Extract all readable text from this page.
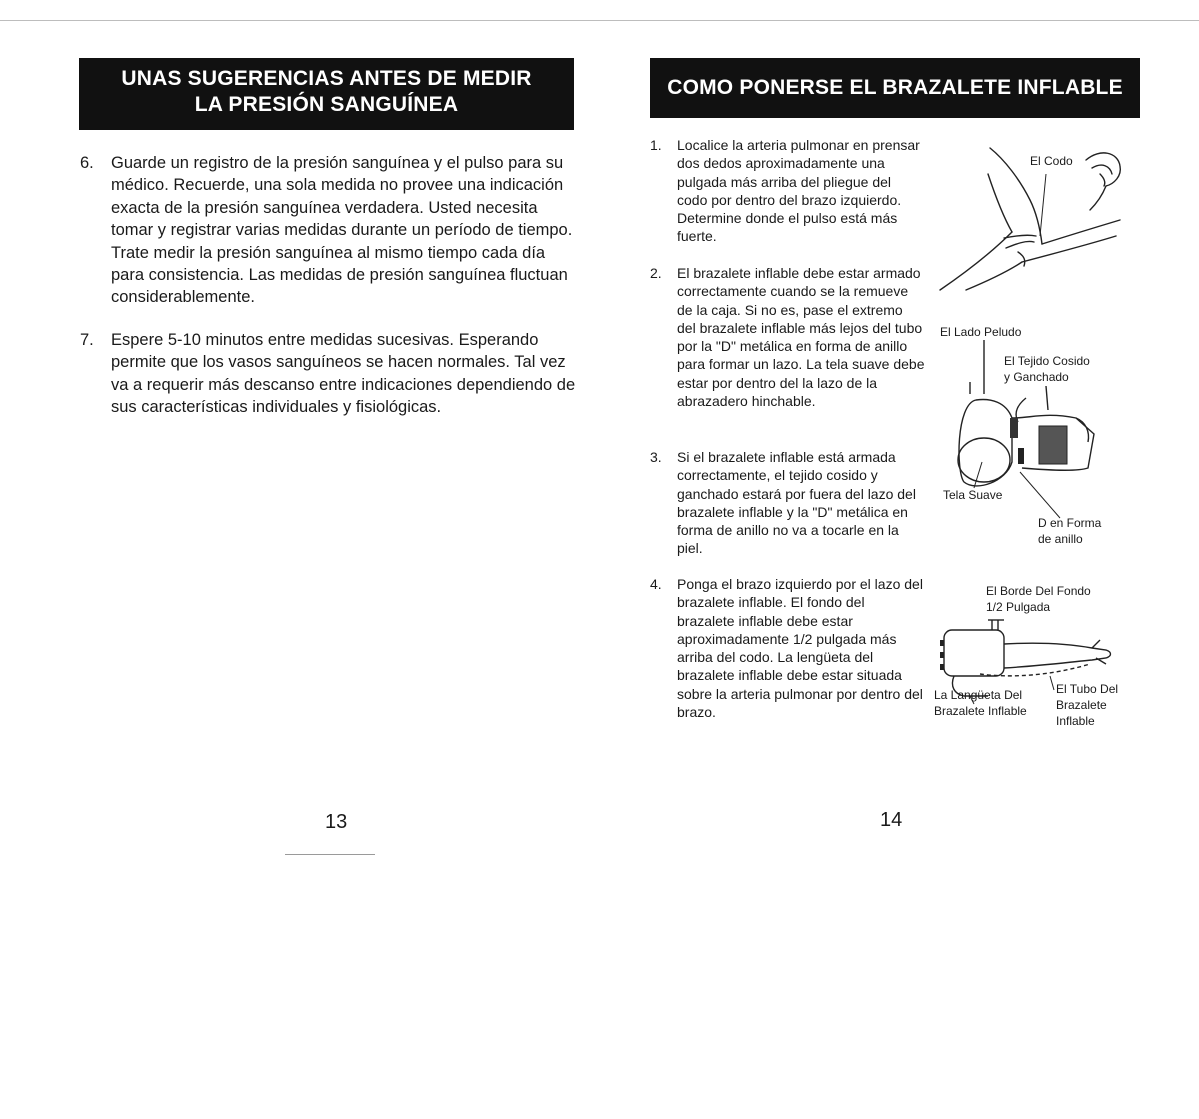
UNAS SUGERENCIAS ANTES DE MEDIR
LA PRESIÓN SANGUÍNEA
6. Guarde un registro de la presión sanguínea y el pulso para su médico. Recuerde, una sola medida no provee una indicación exacta de la presión sanguínea verdadera. Usted necesita tomar y registrar varias medidas durante un período de tiempo. Trate medir la presión sanguínea al mismo tiempo cada día para consistencia. Las medidas de presión sanguínea fluctuan considerablemente.
7. Espere 5-10 minutos entre medidas sucesivas. Esperando permite que los vasos sanguíneos se hacen normales. Tal vez va a requerir más descanso entre indicaciones dependiendo de sus características individuales y fisiológicas.
13
COMO PONERSE EL BRAZALETE INFLABLE
1. Localice la arteria pulmonar en prensar dos dedos aproximadamente una pulgada más arriba del pliegue del codo por dentro del brazo izquierdo. Determine donde el pulso está más fuerte.
2. El brazalete inflable debe estar armado correctamente cuando se la remueve de la caja. Si no es, pase el extremo del brazalete inflable más lejos del tubo por la "D" metálica en forma de anillo para formar un lazo. La tela suave debe estar por dentro del la lazo de la abrazadero hinchable.
3. Si el brazalete inflable está armada correctamente, el tejido cosido y ganchado estará por fuera del lazo del brazalete inflable y la "D" metálica en forma de anillo no va a tocarle en la piel.
4. Ponga el brazo izquierdo por el lazo del brazalete inflable. El fondo del brazalete inflable debe estar aproximadamente 1/2 pulgada más arriba del codo. La lengüeta del brazalete inflable debe estar situada sobre la arteria pulmonar por dentro del brazo.
El Codo
El Lado Peludo
El Tejido Cosido
y Ganchado
Tela Suave
D en Forma
de anillo
El Borde Del Fondo
1/2 Pulgada
La Langüeta Del
Brazalete Inflable
El Tubo Del
Brazalete
Inflable
14
